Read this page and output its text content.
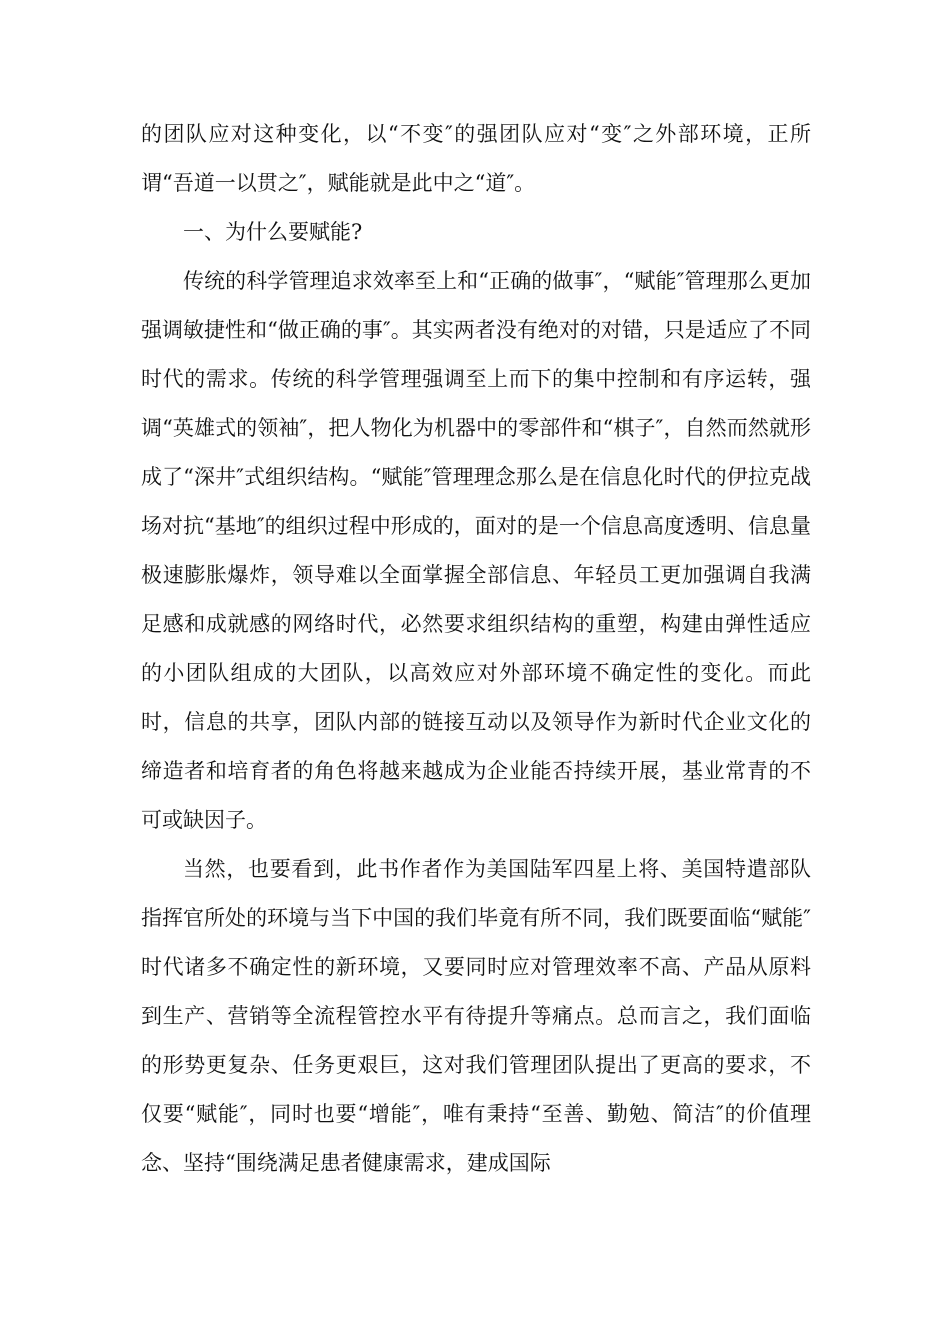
的团队应对这种变化，以“不变″的强团队应对“变″之外部环境，正所谓“吾道一以贯之″，赋能就是此中之“道″。

一、为什么要赋能?

传统的科学管理追求效率至上和“正确的做事″，“赋能″管理那么更加强调敏捷性和“做正确的事″。其实两者没有绝对的对错，只是适应了不同时代的需求。传统的科学管理强调至上而下的集中控制和有序运转，强调“英雄式的领袖″，把人物化为机器中的零部件和“棋子″，自然而然就形成了“深井″式组织结构。“赋能″管理理念那么是在信息化时代的伊拉克战场对抗“基地″的组织过程中形成的，面对的是一个信息高度透明、信息量极速膨胀爆炸，领导难以全面掌握全部信息、年轻员工更加强调自我满足感和成就感的网络时代，必然要求组织结构的重塑，构建由弹性适应的小团队组成的大团队，以高效应对外部环境不确定性的变化。而此时，信息的共享，团队内部的链接互动以及领导作为新时代企业文化的缔造者和培育者的角色将越来越成为企业能否持续开展，基业常青的不可或缺因子。

当然，也要看到，此书作者作为美国陆军四星上将、美国特遣部队指挥官所处的环境与当下中国的我们毕竟有所不同，我们既要面临“赋能″时代诸多不确定性的新环境，又要同时应对管理效率不高、产品从原料到生产、营销等全流程管控水平有待提升等痛点。总而言之，我们面临的形势更复杂、任务更艰巨，这对我们管理团队提出了更高的要求，不仅要“赋能″，同时也要“增能″，唯有秉持“至善、勤勉、简洁″的价值理念、坚持“围绕满足患者健康需求，建成国际
